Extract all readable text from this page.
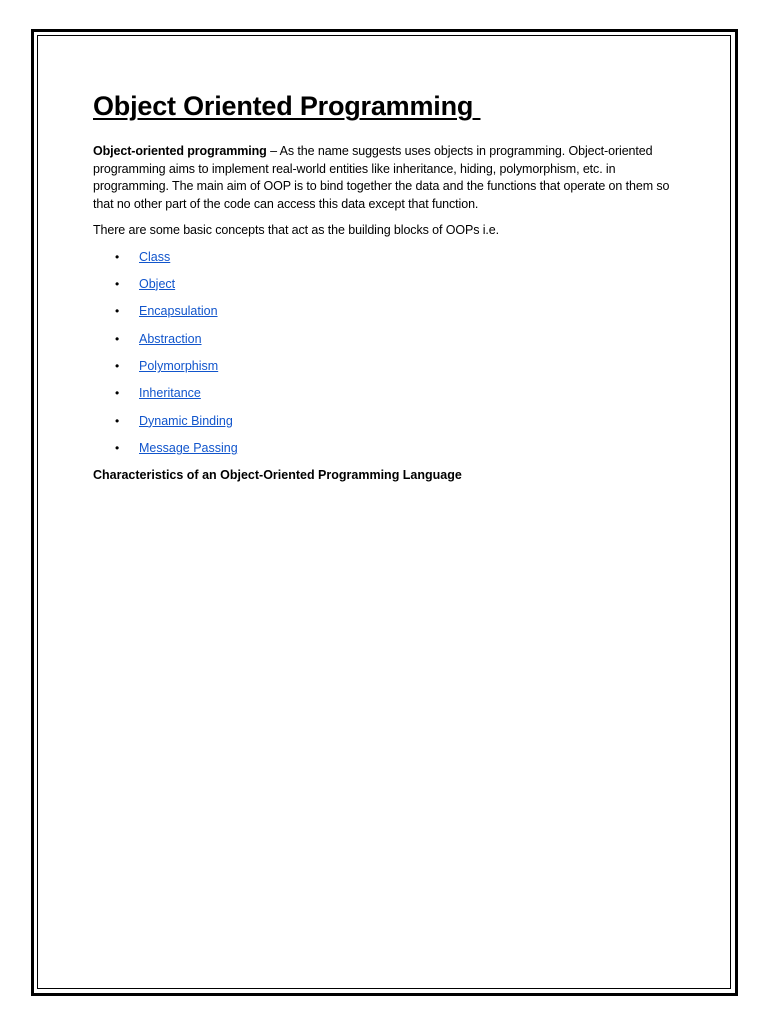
Object Oriented Programming

Object-oriented programming – As the name suggests uses objects in programming. Object-oriented programming aims to implement real-world entities like inheritance, hiding, polymorphism, etc. in programming. The main aim of OOP is to bind together the data and the functions that operate on them so that no other part of the code can access this data except that function.

There are some basic concepts that act as the building blocks of OOPs i.e.

• Class
• Object
• Encapsulation
• Abstraction
• Polymorphism
• Inheritance
• Dynamic Binding
• Message Passing
Characteristics of an Object-Oriented Programming Language
